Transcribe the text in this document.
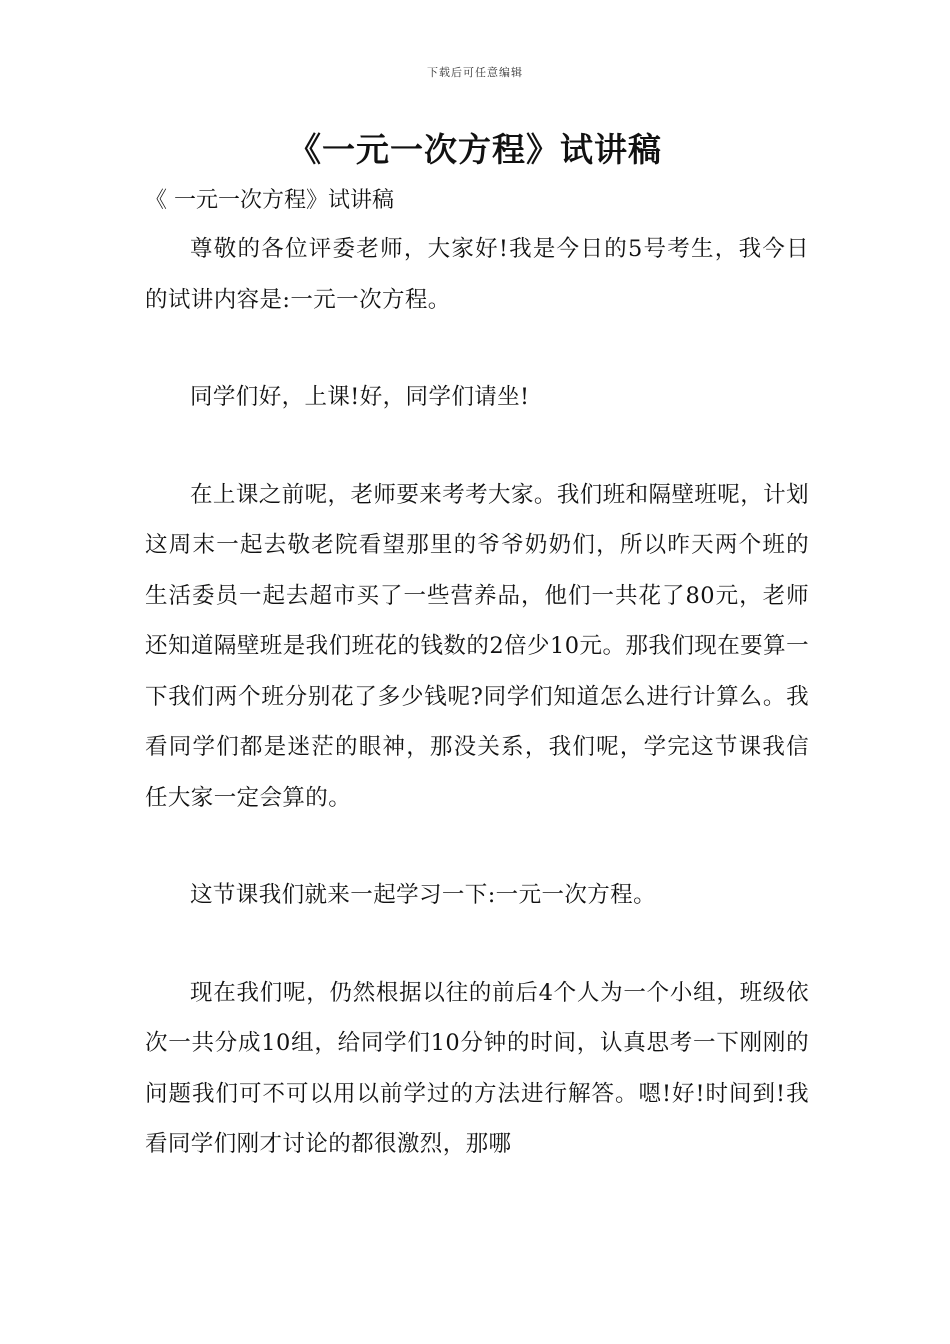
下载后可任意编辑
《一元一次方程》试讲稿

《 一元一次方程》试讲稿

尊敬的各位评委老师，大家好!我是今日的5号考生，我今日的试讲内容是:一元一次方程。

同学们好，上课!好，同学们请坐!

在上课之前呢，老师要来考考大家。我们班和隔壁班呢，计划这周末一起去敬老院看望那里的爷爷奶奶们，所以昨天两个班的生活委员一起去超市买了一些营养品，他们一共花了80元，老师还知道隔壁班是我们班花的钱数的2倍少10元。那我们现在要算一下我们两个班分别花了多少钱呢?同学们知道怎么进行计算么。我看同学们都是迷茫的眼神，那没关系，我们呢，学完这节课我信任大家一定会算的。

这节课我们就来一起学习一下:一元一次方程。

现在我们呢，仍然根据以往的前后4个人为一个小组，班级依次一共分成10组，给同学们10分钟的时间，认真思考一下刚刚的问题我们可不可以用以前学过的方法进行解答。嗯!好!时间到!我看同学们刚才讨论的都很激烈，那哪
